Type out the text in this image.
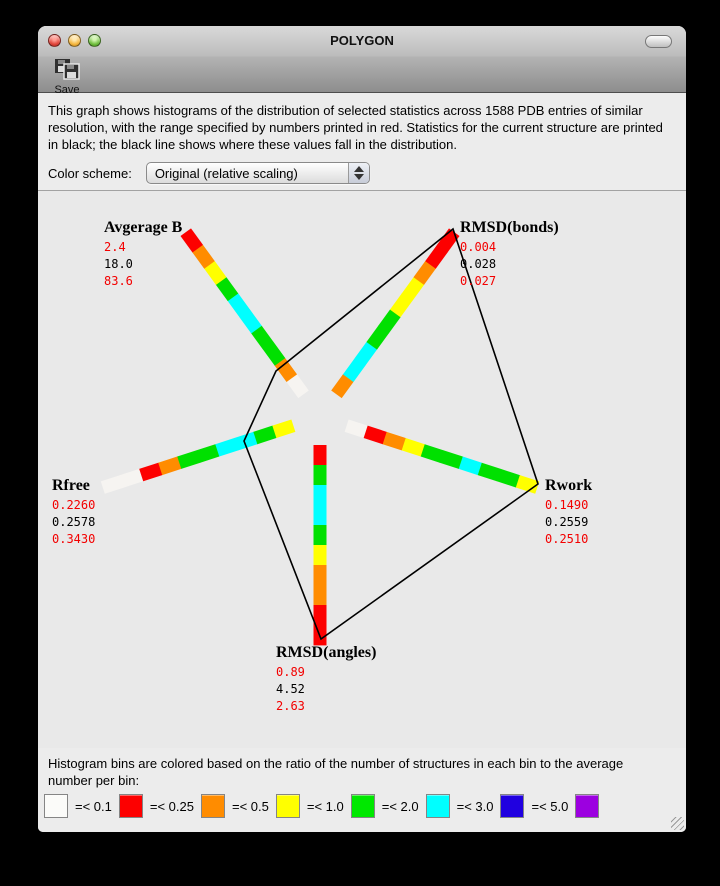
POLYGON
Save
This graph shows histograms of the distribution of selected statistics across 1588 PDB entries of similar resolution, with the range specified by numbers printed in red. Statistics for the current structure are printed in black; the black line shows where these values fall in the distribution.
Color scheme: Original (relative scaling)
Avgerage B
2.4
18.0
83.6
RMSD(bonds)
0.004
0.028
0.027
Rwork
0.1490
0.2559
0.2510
RMSD(angles)
0.89
4.52
2.63
Rfree
0.2260
0.2578
0.3430
Histogram bins are colored based on the ratio of the number of structures in each bin to the average number per bin:
=< 0.1	=< 0.25	=< 0.5	=< 1.0	=< 2.0	=< 3.0	=< 5.0
